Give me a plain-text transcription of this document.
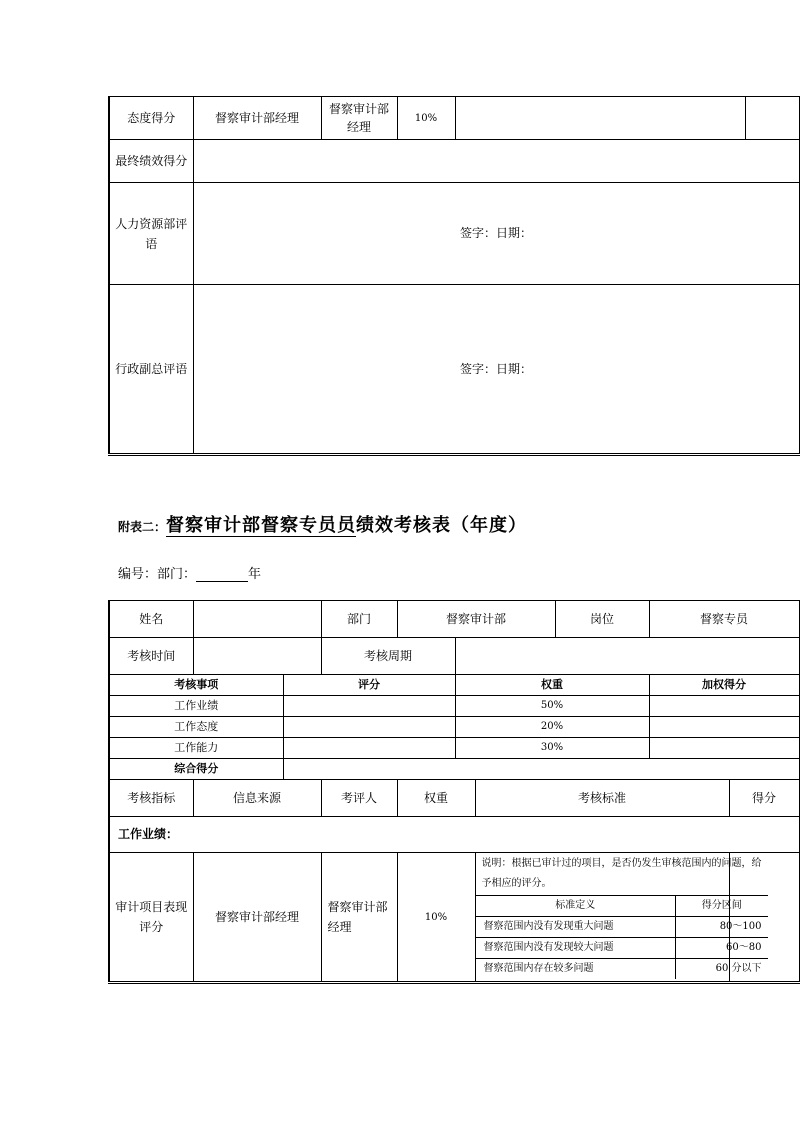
态度得分	督察审计部经理	督察审计部经理	10%		
最终绩效得分					
人力资源部评语	签字：日期：				
行政副总评语	签字：日期：				
附表二：督察审计部督察专员员绩效考核表（年度）
编号：部门：	年
姓名		部门	督察审计部	岗位	督察专员
考核时间		考核周期	
考核事项	评分	权重	加权得分
工作业绩		50%	
工作态度		20%	
工作能力		30%	
综合得分	
考核指标	信息来源	考评人	权重	考核标准	得分
工作业绩：
审计项目表现评分	督察审计部经理	督察审计部经理	10%	
说明：根据已审计过的项目，是否仍发生审核范围内的问题，给予相应的评分。
标准定义	得分区间
督察范围内没有发现重大问题	80～100
督察范围内没有发现较大问题	60～80
督察范围内存在较多问题	60 分以下
